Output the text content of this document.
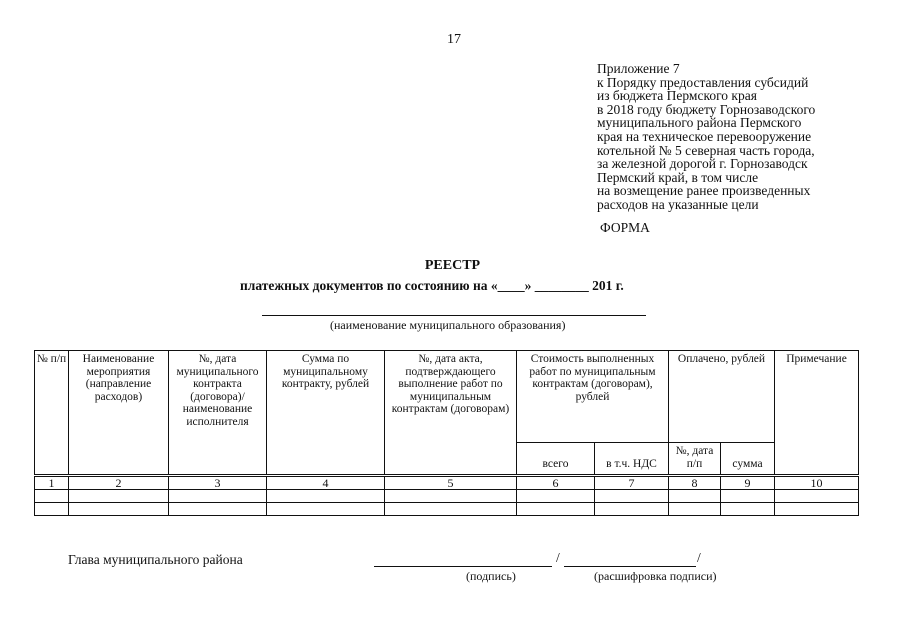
17
Приложение 7
к Порядку предоставления субсидий
из бюджета Пермского края
в 2018 году бюджету Горнозаводского
муниципального района Пермского
края на техническое перевооружение
котельной № 5 северная часть города,
за железной дорогой г. Горнозаводск
Пермский край, в том числе
на возмещение ранее произведенных
расходов на указанные цели
ФОРМА
РЕЕСТР
платежных документов по состоянию на «____» ________ 201 г.
(наименование муниципального образования)
№ п/п	Наименование мероприятия (направление расходов)	№, дата муниципального контракта (договора)/ наименование исполнителя	Сумма по муниципальному контракту, рублей	№, дата акта, подтверждающего выполнение работ по муниципальным контрактам (договорам)	Стоимость выполненных работ по муниципальным контрактам (договорам), рублей		Оплачено, рублей		Примечание
					всего	в т.ч. НДС	№, дата п/п	сумма	
1	2	3	4	5	6	7	8	9	10

Глава муниципального района	/	/
(подпись)	(расшифровка подписи)
